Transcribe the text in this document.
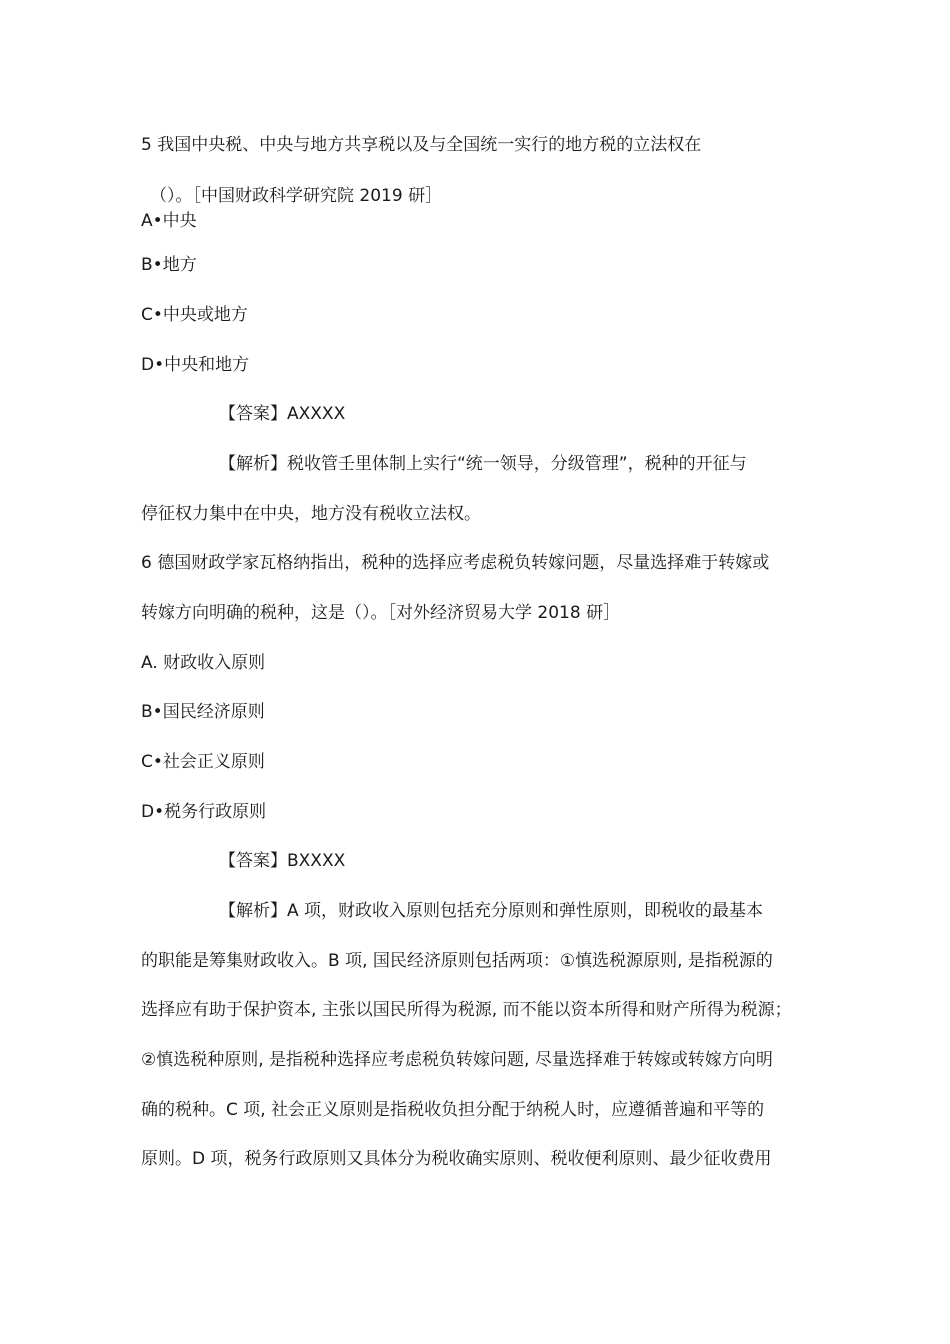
5 我国中央税、中央与地方共享税以及与全国统一实行的地方税的立法权在
（）。［中国财政科学研究院 2019 研］
A•中央
B•地方
C•中央或地方
D•中央和地方
【答案】AXXXX
【解析】税收管壬里体制上实行“统一领导，分级管理”，税种的开征与
停征权力集中在中央，地方没有税收立法权。
6 德国财政学家瓦格纳指出，税种的选择应考虑税负转嫁问题，尽量选择难于转嫁或
转嫁方向明确的税种，这是（）。［对外经济贸易大学 2018 研］
A. 财政收入原则
B•国民经济原则
C•社会正义原则
D•税务行政原则
【答案】BXXXX
【解析】A 项，财政收入原则包括充分原则和弹性原则，即税收的最基本
的职能是筹集财政收入。B 项, 国民经济原则包括两项：①慎选税源原则, 是指税源的
选择应有助于保护资本, 主张以国民所得为税源, 而不能以资本所得和财产所得为税源；
②慎选税种原则, 是指税种选择应考虑税负转嫁问题, 尽量选择难于转嫁或转嫁方向明
确的税种。C 项, 社会正义原则是指税收负担分配于纳税人时，应遵循普遍和平等的
原则。D 项，税务行政原则又具体分为税收确实原则、税收便利原则、最少征收费用
